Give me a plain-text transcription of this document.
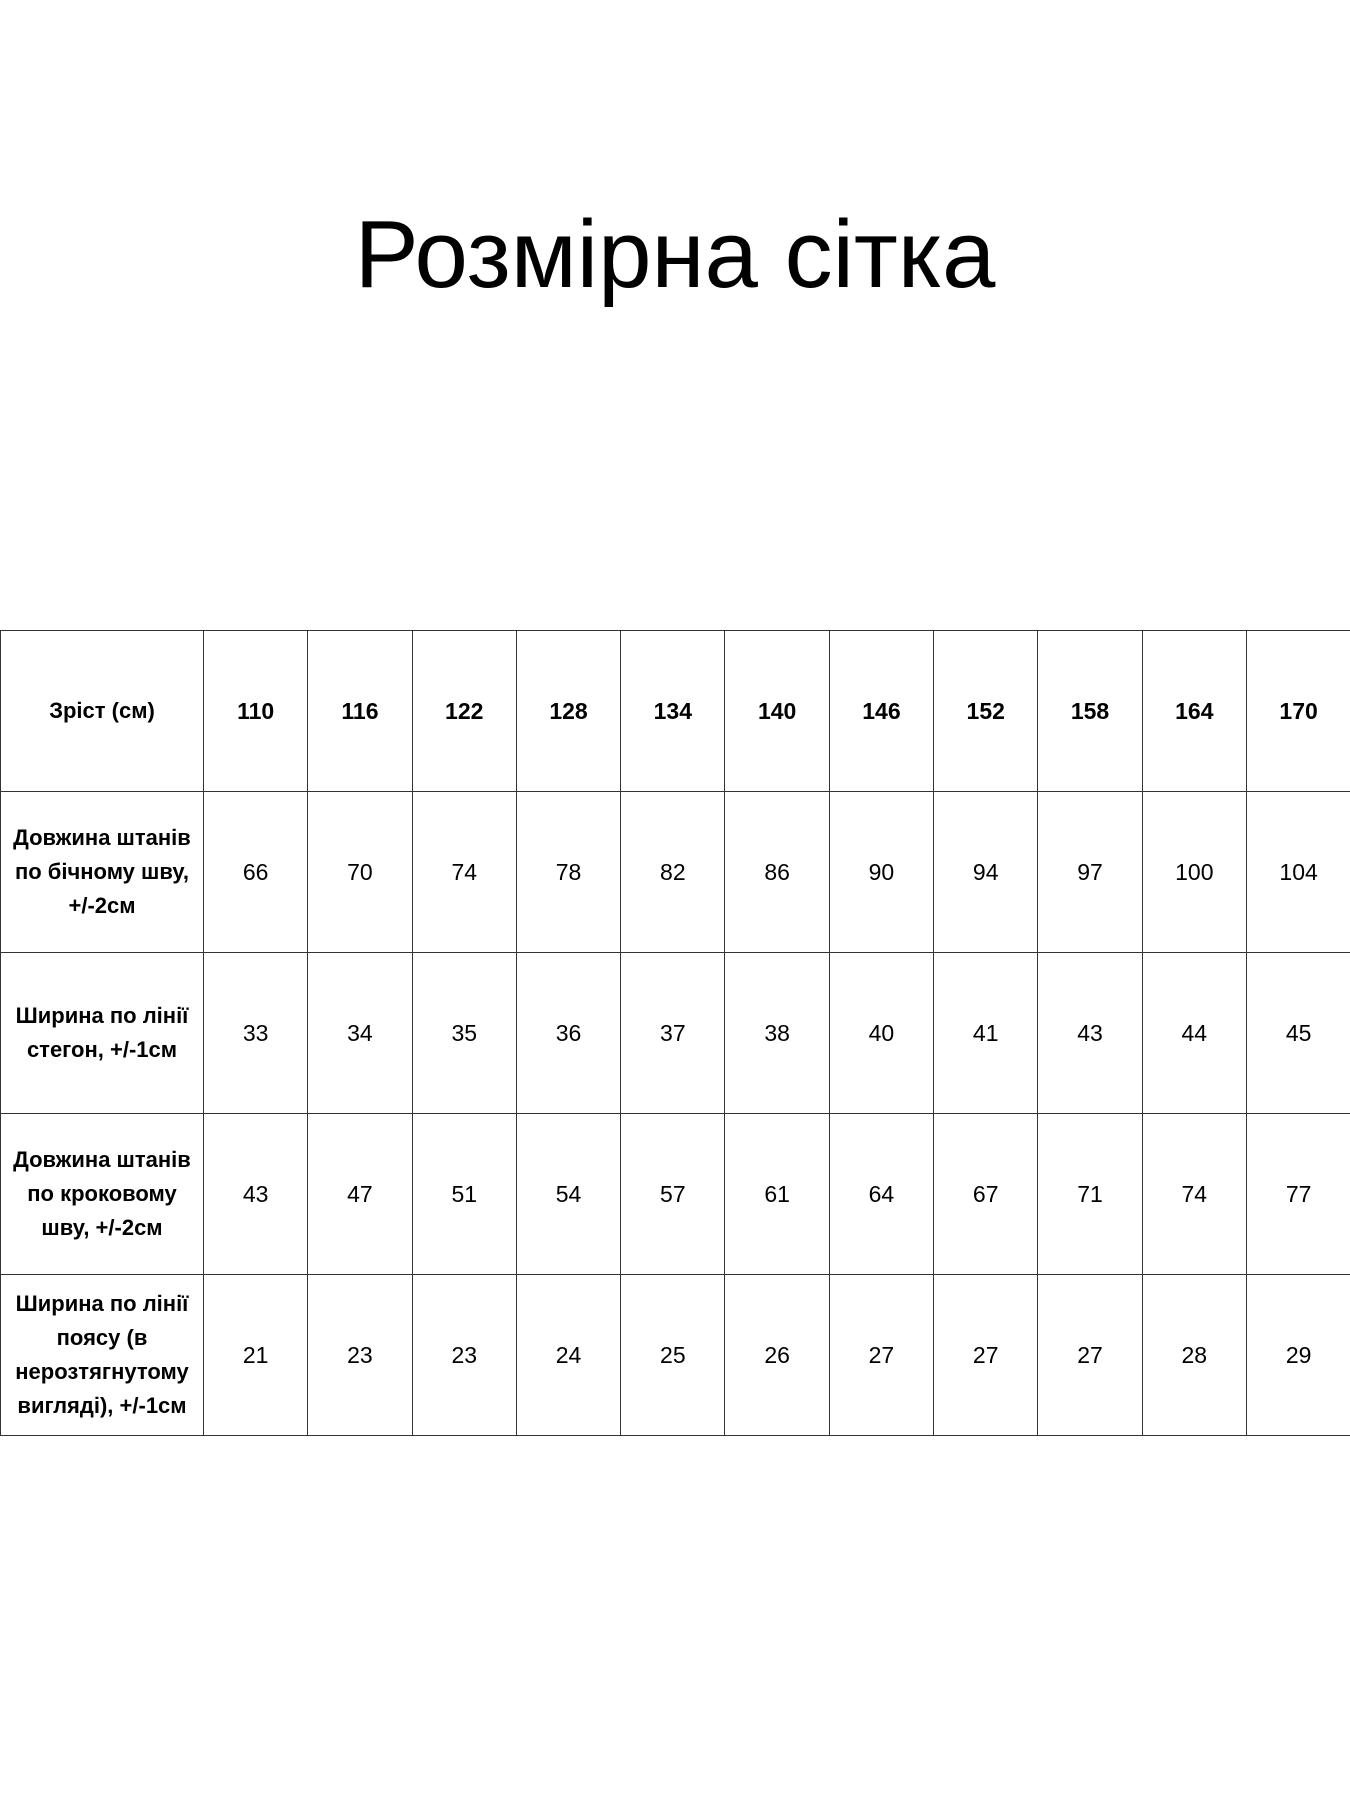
Розмірна сітка
Зріст (см)	110	116	122	128	134	140	146	152	158	164	170
Довжина штанів по бічному шву, +/-2см	66	70	74	78	82	86	90	94	97	100	104
Ширина по лінії стегон, +/-1см	33	34	35	36	37	38	40	41	43	44	45
Довжина штанів по кроковому шву, +/-2см	43	47	51	54	57	61	64	67	71	74	77
Ширина по лінії поясу (в нерозтягнутому вигляді), +/-1см	21	23	23	24	25	26	27	27	27	28	29
